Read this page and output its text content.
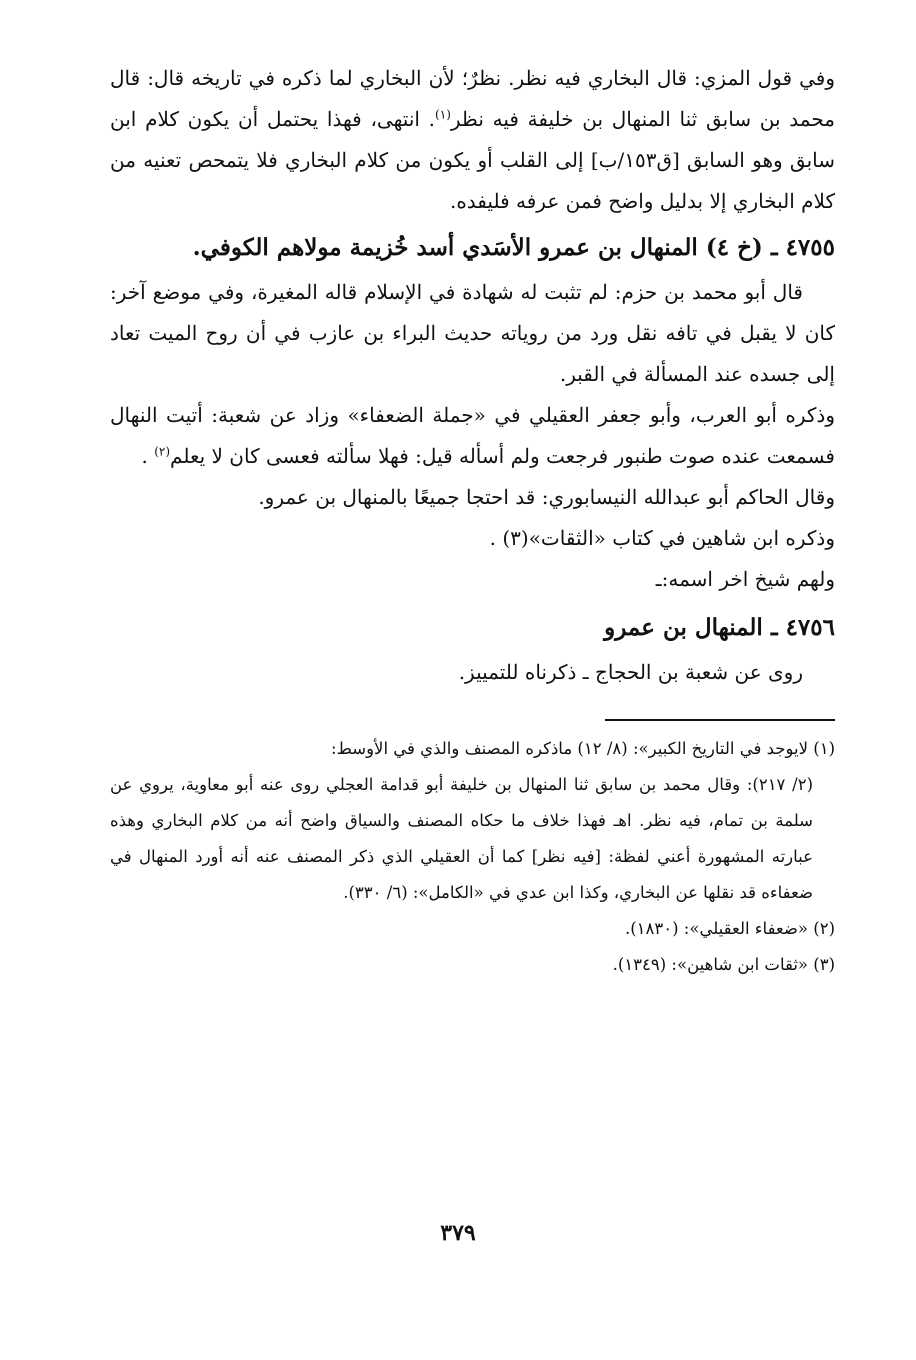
وفي قول المزي: قال البخاري فيه نظر. نظرٌ؛ لأن البخاري لما ذكره في تاريخه قال: قال محمد بن سابق ثنا المنهال بن خليفة فيه نظر$^{(١)}$. انتهى، فهذا يحتمل أن يكون كلام ابن سابق وهو السابق [ق١٥٣/ب] إلى القلب أو يكون من كلام البخاري فلا يتمحص تعنيه من كلام البخاري إلا بدليل واضح فمن عرفه فليفده.

٤٧٥٥ ـ (خ ٤) المنهال بن عمرو الأسَدي أسد خُزيمة مولاهم الكوفي.

قال أبو محمد بن حزم: لم تثبت له شهادة في الإسلام قاله المغيرة، وفي موضع آخر: كان لا يقبل في تافه نقل ورد من روياته حديث البراء بن عازب في أن روح الميت تعاد إلى جسده عند المسألة في القبر.

وذكره أبو العرب، وأبو جعفر العقيلي في «جملة الضعفاء» وزاد عن شعبة: أتيت النهال فسمعت عنده صوت طنبور فرجعت ولم أسأله قيل: فهلا سألته فعسى كان لا يعلم$^{(٢)}$ .

وقال الحاكم أبو عبدالله النيسابوري: قد احتجا جميعًا بالمنهال بن عمرو.

وذكره ابن شاهين في كتاب «الثقات»(٣) .

ولهم شيخ اخر اسمه:ـ

٤٧٥٦ ـ المنهال بن عمرو

روى عن شعبة بن الحجاج ـ ذكرناه للتمييز.

(١) لايوجد في التاريخ الكبير»: (٨/ ١٢) ماذكره المصنف والذي في الأوسط:

(٢/ ٢١٧): وقال محمد بن سابق ثنا المنهال بن خليفة أبو قدامة العجلي روى عنه أبو معاوية، يروي عن سلمة بن تمام، فيه نظر. اهـ فهذا خلاف ما حكاه المصنف والسياق واضح أنه من كلام البخاري وهذه عبارته المشهورة أعني لفظة: [فيه نظر] كما أن العقيلي الذي ذكر المصنف عنه أنه أورد المنهال في ضعفاءه قد نقلها عن البخاري، وكذا ابن عدي في «الكامل»: (٦/ ٣٣٠).

(٢) «ضعفاء العقيلي»: (١٨٣٠).

(٣) «ثقات ابن شاهين»: (١٣٤٩).

٣٧٩
